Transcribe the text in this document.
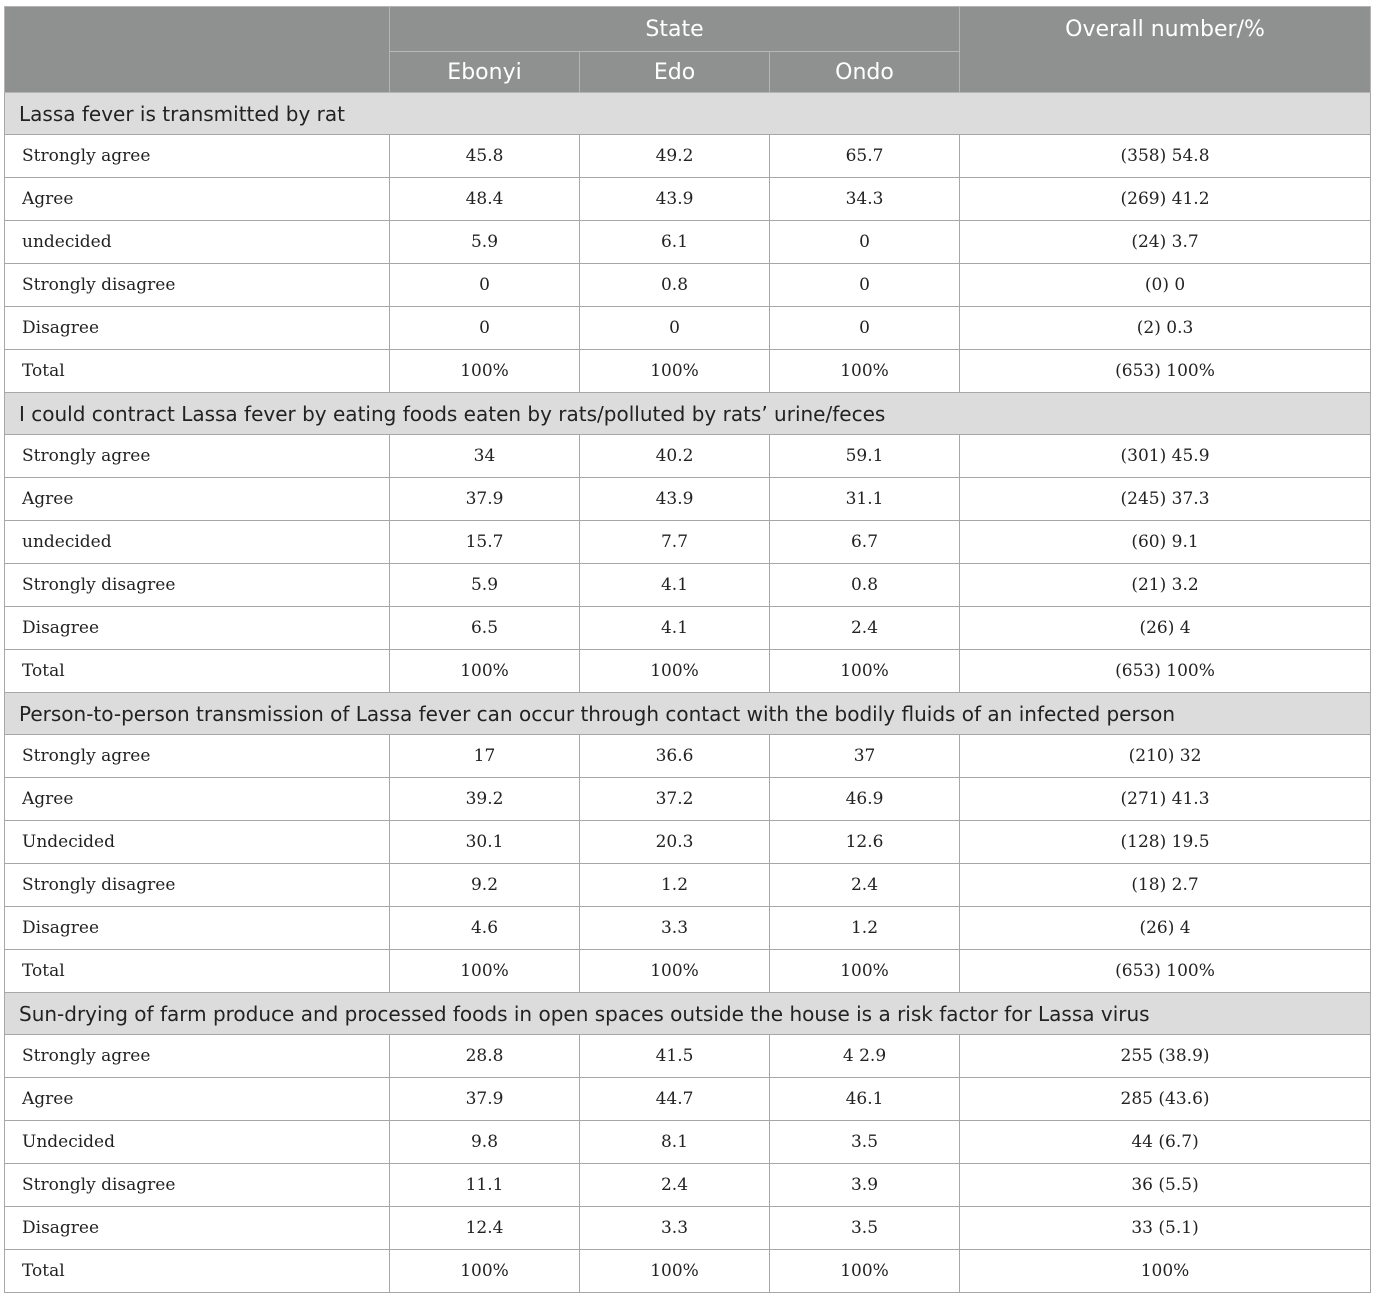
	State			Overall number/%
	Ebonyi	Edo	Ondo	
Lassa fever is transmitted by rat				
Strongly agree	45.8	49.2	65.7	(358) 54.8
Agree	48.4	43.9	34.3	(269) 41.2
undecided	5.9	6.1	0	(24) 3.7
Strongly disagree	0	0.8	0	(0) 0
Disagree	0	0	0	(2) 0.3
Total	100%	100%	100%	(653) 100%
I could contract Lassa fever by eating foods eaten by rats/polluted by rats’ urine/feces				
Strongly agree	34	40.2	59.1	(301) 45.9
Agree	37.9	43.9	31.1	(245) 37.3
undecided	15.7	7.7	6.7	(60) 9.1
Strongly disagree	5.9	4.1	0.8	(21) 3.2
Disagree	6.5	4.1	2.4	(26) 4
Total	100%	100%	100%	(653) 100%
Person-to-person transmission of Lassa fever can occur through contact with the bodily fluids of an infected person				
Strongly agree	17	36.6	37	(210) 32
Agree	39.2	37.2	46.9	(271) 41.3
Undecided	30.1	20.3	12.6	(128) 19.5
Strongly disagree	9.2	1.2	2.4	(18) 2.7
Disagree	4.6	3.3	1.2	(26) 4
Total	100%	100%	100%	(653) 100%
Sun-drying of farm produce and processed foods in open spaces outside the house is a risk factor for Lassa virus				
Strongly agree	28.8	41.5	4 2.9	255 (38.9)
Agree	37.9	44.7	46.1	285 (43.6)
Undecided	9.8	8.1	3.5	44 (6.7)
Strongly disagree	11.1	2.4	3.9	36 (5.5)
Disagree	12.4	3.3	3.5	33 (5.1)
Total	100%	100%	100%	100%
